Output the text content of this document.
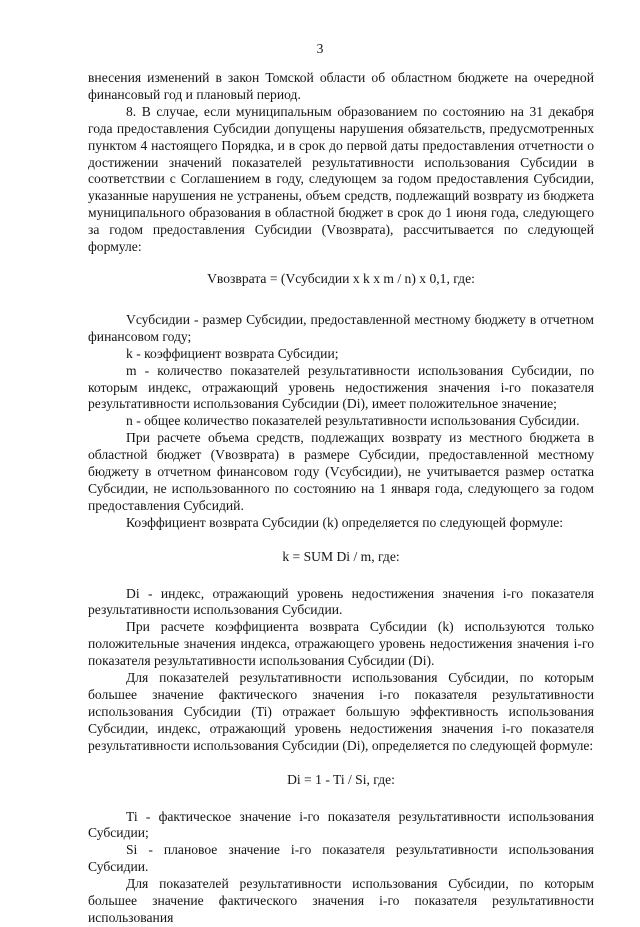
3

внесения изменений в закон Томской области об областном бюджете на очередной финансовый год и плановый период.

8. В случае, если муниципальным образованием по состоянию на 31 декабря года предоставления Субсидии допущены нарушения обязательств, предусмотренных пунктом 4 настоящего Порядка, и в срок до первой даты предоставления отчетности о достижении значений показателей результативности использования Субсидии в соответствии с Соглашением в году, следующем за годом предоставления Субсидии, указанные нарушения не устранены, объем средств, подлежащий возврату из бюджета муниципального образования в областной бюджет в срок до 1 июня года, следующего за годом предоставления Субсидии (Vвозврата), рассчитывается по следующей формуле:

Vвозврата = (Vсубсидии x k x m / n) x 0,1, где:

Vсубсидии - размер Субсидии, предоставленной местному бюджету в отчетном финансовом году;

k - коэффициент возврата Субсидии;

m - количество показателей результативности использования Субсидии, по которым индекс, отражающий уровень недостижения значения i-го показателя результативности использования Субсидии (Di), имеет положительное значение;

n - общее количество показателей результативности использования Субсидии.

При расчете объема средств, подлежащих возврату из местного бюджета в областной бюджет (Vвозврата) в размере Субсидии, предоставленной местному бюджету в отчетном финансовом году (Vсубсидии), не учитывается размер остатка Субсидии, не использованного по состоянию на 1 января года, следующего за годом предоставления Субсидий.

Коэффициент возврата Субсидии (k) определяется по следующей формуле:

k = SUM Di / m, где:

Di - индекс, отражающий уровень недостижения значения i-го показателя результативности использования Субсидии.

При расчете коэффициента возврата Субсидии (k) используются только положительные значения индекса, отражающего уровень недостижения значения i-го показателя результативности использования Субсидии (Di).

Для показателей результативности использования Субсидии, по которым большее значение фактического значения i-го показателя результативности использования Субсидии (Ti) отражает большую эффективность использования Субсидии, индекс, отражающий уровень недостижения значения i-го показателя результативности использования Субсидии (Di), определяется по следующей формуле:

Di = 1 - Ti / Si, где:

Ti - фактическое значение i-го показателя результативности использования Субсидии;

Si - плановое значение i-го показателя результативности использования Субсидии.

Для показателей результативности использования Субсидии, по которым большее значение фактического значения i-го показателя результативности использования
